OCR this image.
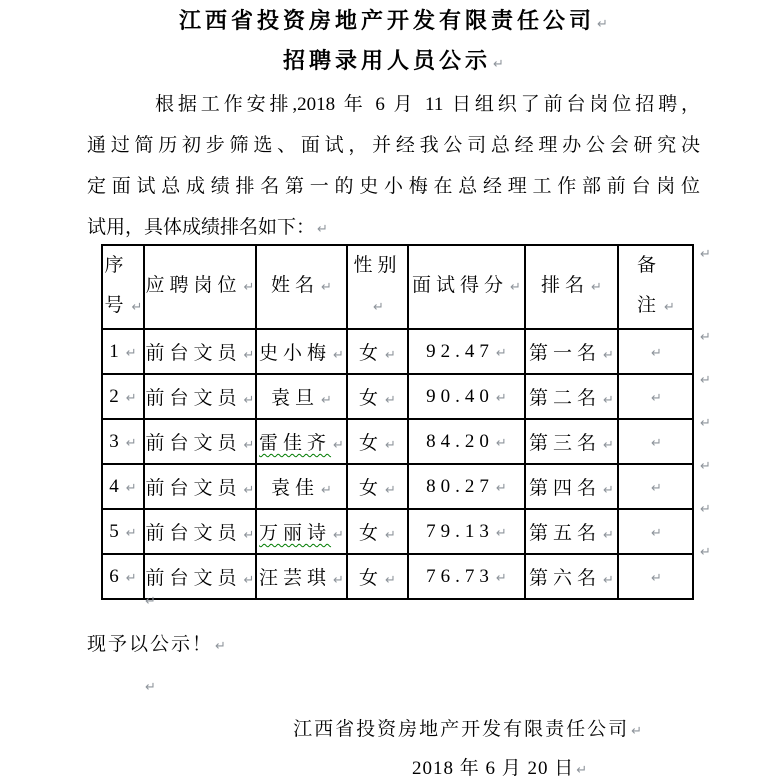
江西省投资房地产开发有限责任公司 ↵
招聘录用人员公示 ↵
根据工作安排,2018 年 6 月 11 日组织了前台岗位招聘，
通过简历初步筛选、面试，并经我公司总经理办公会研究决
定面试总成绩排名第一的史小梅在总经理工作部前台岗位
试用，具体成绩排名如下： ↵
序号 ↵	应聘岗位 ↵	姓名 ↵	性别↵	面试得分 ↵	排名 ↵	备注 ↵
1 ↵	前台文员 ↵	史小梅 ↵	女 ↵	92.47 ↵	第一名 ↵	↵
2 ↵	前台文员 ↵	袁旦 ↵	女 ↵	90.40 ↵	第二名 ↵	↵
3 ↵	前台文员 ↵	雷佳齐 ↵	女 ↵	84.20 ↵	第三名 ↵	↵
4 ↵	前台文员 ↵	袁佳 ↵	女 ↵	80.27 ↵	第四名 ↵	↵
5 ↵	前台文员 ↵	万丽诗 ↵	女 ↵	79.13 ↵	第五名 ↵	↵
6 ↵	前台文员 ↵	汪芸琪 ↵	女 ↵	76.73 ↵	第六名 ↵	↵
↵
↵
↵
↵
↵
↵
↵
↵
现予以公示！ ↵
↵
江西省投资房地产开发有限责任公司 ↵
2018 年 6 月 20 日 ↵
